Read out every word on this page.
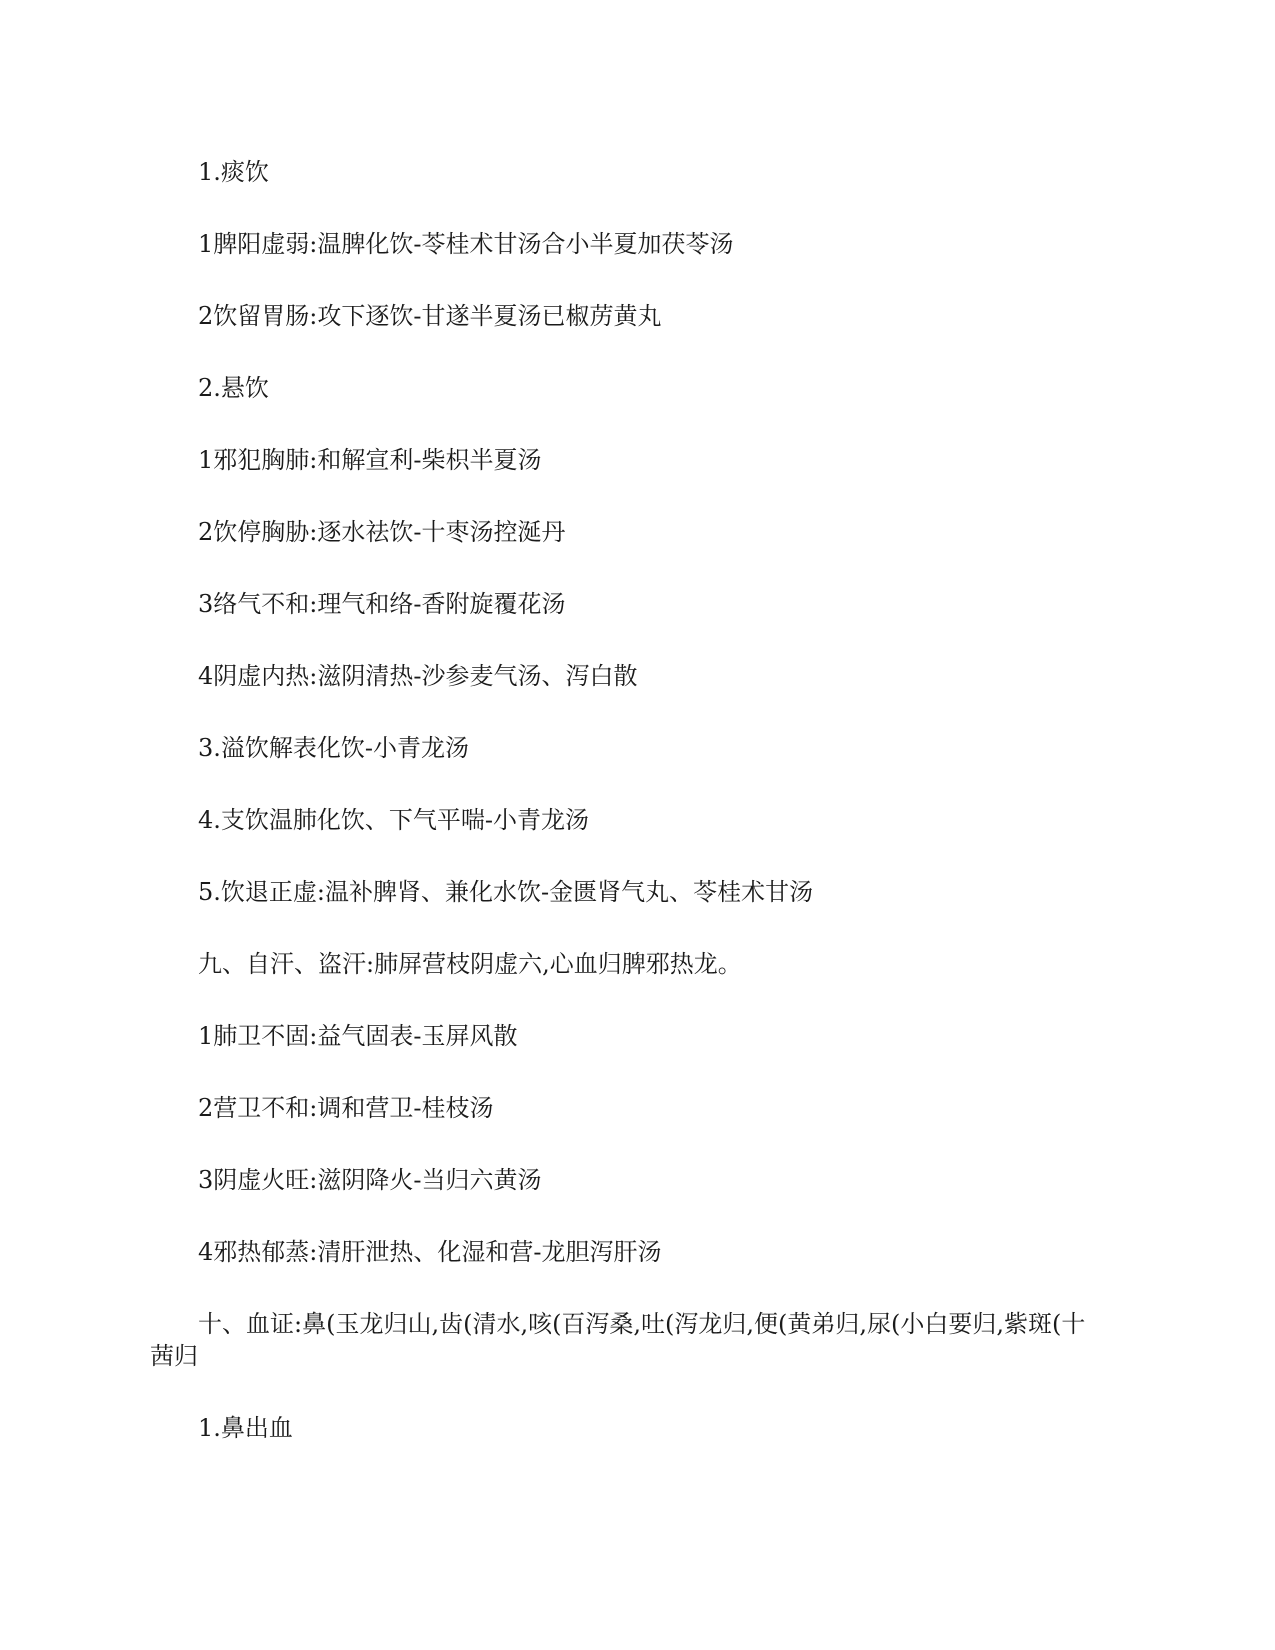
1.痰饮

1脾阳虚弱:温脾化饮-苓桂术甘汤合小半夏加茯苓汤

2饮留胃肠:攻下逐饮-甘遂半夏汤已椒苈黄丸

2.悬饮

1邪犯胸肺:和解宣利-柴枳半夏汤

2饮停胸胁:逐水祛饮-十枣汤控涎丹

3络气不和:理气和络-香附旋覆花汤

4阴虚内热:滋阴清热-沙参麦气汤、泻白散

3.溢饮解表化饮-小青龙汤

4.支饮温肺化饮、下气平喘-小青龙汤

5.饮退正虚:温补脾肾、兼化水饮-金匮肾气丸、苓桂术甘汤

九、自汗、盗汗:肺屏营枝阴虚六,心血归脾邪热龙。

1肺卫不固:益气固表-玉屏风散

2营卫不和:调和营卫-桂枝汤

3阴虚火旺:滋阴降火-当归六黄汤

4邪热郁蒸:清肝泄热、化湿和营-龙胆泻肝汤

十、血证:鼻(玉龙归山,齿(清水,咳(百泻桑,吐(泻龙归,便(黄弟归,尿(小白要归,紫斑(十茜归

1.鼻出血
